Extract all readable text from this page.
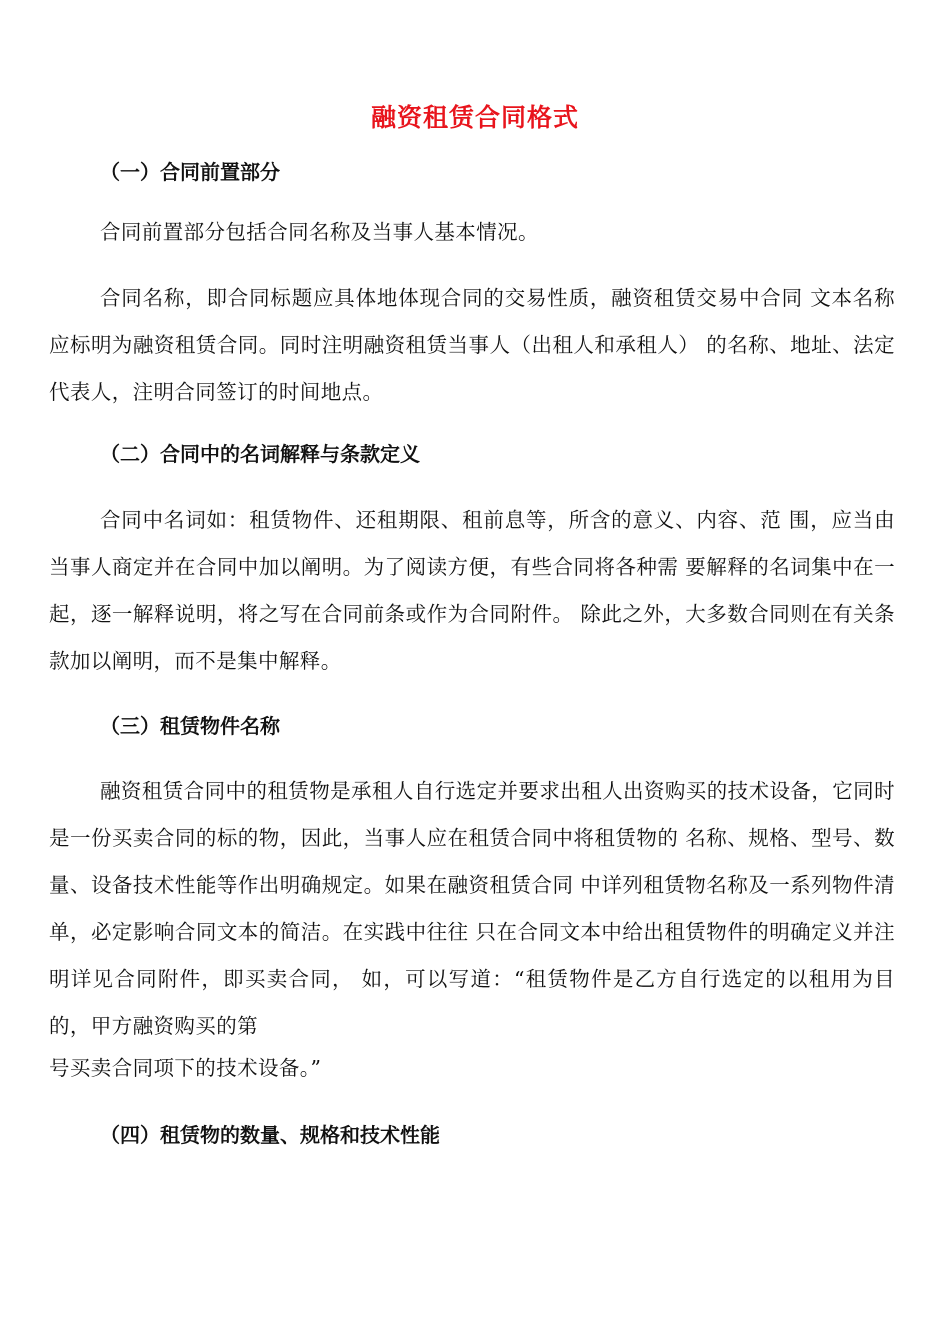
融资租赁合同格式
（一）合同前置部分

合同前置部分包括合同名称及当事人基本情况。

合同名称，即合同标题应具体地体现合同的交易性质，融资租赁交易中合同 文本名称应标明为融资租赁合同。同时注明融资租赁当事人（出租人和承租人） 的名称、地址、法定代表人，注明合同签订的时间地点。

（二）合同中的名词解释与条款定义

合同中名词如：租赁物件、还租期限、租前息等，所含的意义、内容、范 围，应当由当事人商定并在合同中加以阐明。为了阅读方便，有些合同将各种需 要解释的名词集中在一起，逐一解释说明，将之写在合同前条或作为合同附件。 除此之外，大多数合同则在有关条款加以阐明，而不是集中解释。

（三）租赁物件名称

融资租赁合同中的租赁物是承租人自行选定并要求出租人出资购买的技术设备，它同时是一份买卖合同的标的物，因此，当事人应在租赁合同中将租赁物的 名称、规格、型号、数量、设备技术性能等作出明确规定。如果在融资租赁合同 中详列租赁物名称及一系列物件清单，必定影响合同文本的简洁。在实践中往往 只在合同文本中给出租赁物件的明确定义并注明详见合同附件，即买卖合同， 如，可以写道：“租赁物件是乙方自行选定的以租用为目的，甲方融资购买的第

号买卖合同项下的技术设备。”

（四）租赁物的数量、规格和技术性能
